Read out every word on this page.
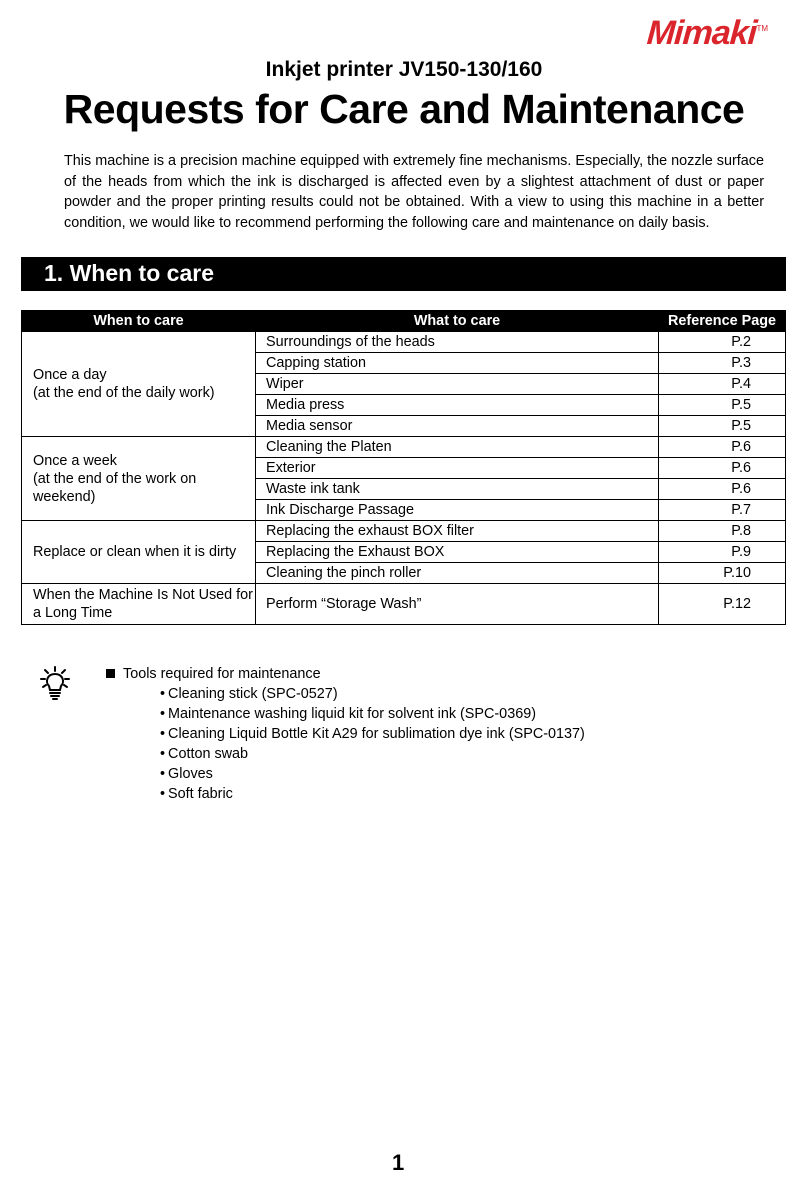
Mimaki TM
Inkjet printer JV150-130/160
Requests for Care and Maintenance
This machine is a precision machine equipped with extremely fine mechanisms. Especially, the nozzle surface of the heads from which the ink is discharged is affected even by a slightest attachment of dust or paper powder and the proper printing results could not be obtained. With a view to using this machine in a better condition, we would like to recommend performing the following care and maintenance on daily basis.
1. When to care
When to care	What to care	Reference Page

Once a day
(at the end of the daily work)	Surroundings of the heads	P.2
	Capping station	P.3
	Wiper	P.4
	Media press	P.5
	Media sensor	P.5

Once a week
(at the end of the work on weekend)	Cleaning the Platen	P.6
	Exterior	P.6
	Waste ink tank	P.6
	Ink Discharge Passage	P.7
Replace or clean when it is dirty	Replacing the exhaust BOX filter	P.8
	Replacing the Exhaust BOX	P.9
	Cleaning the pinch roller	P.10
When the Machine Is Not Used for a Long Time	Perform “Storage Wash”	P.12
Tools required for maintenance
• Cleaning stick (SPC-0527)
• Maintenance washing liquid kit for solvent ink (SPC-0369)
• Cleaning Liquid Bottle Kit A29 for sublimation dye ink (SPC-0137)
• Cotton swab
• Gloves
• Soft fabric
1
